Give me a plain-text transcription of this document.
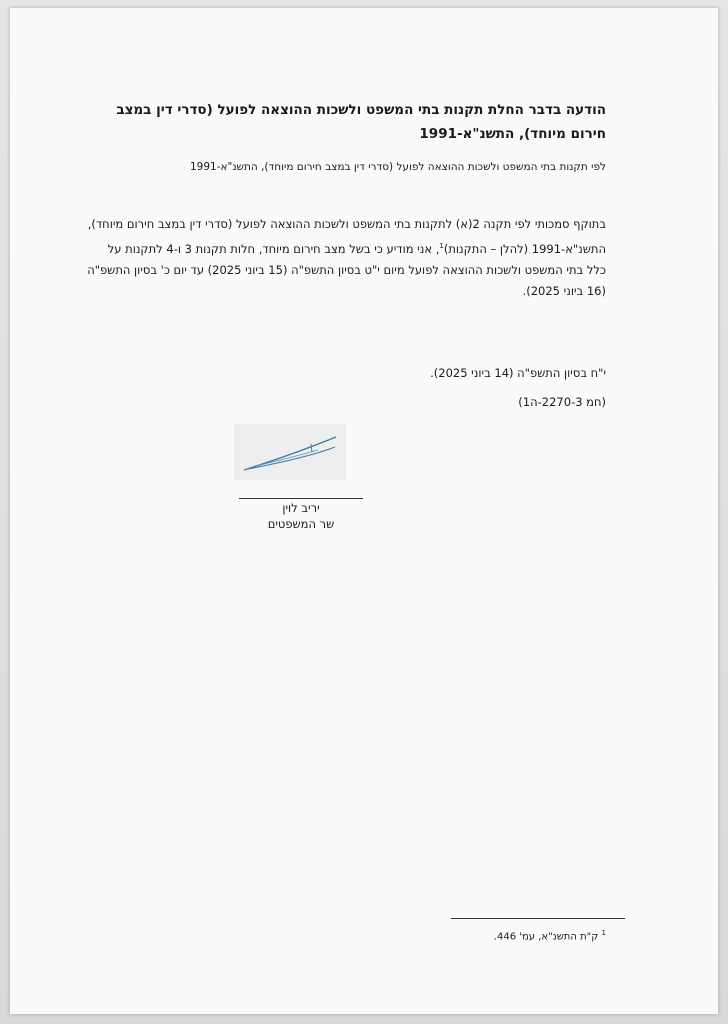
הודעה בדבר החלת תקנות בתי המשפט ולשכות ההוצאה לפועל (סדרי דין במצב
חירום מיוחד), התשנ"א-1991
לפי תקנות בתי המשפט ולשכות ההוצאה לפועל (סדרי דין במצב חירום מיוחד), התשנ"א-1991
בתוקף סמכותי לפי תקנה 2(א) לתקנות בתי המשפט ולשכות ההוצאה לפועל (סדרי דין במצב חירום מיוחד), התשנ"א-1991 (להלן – התקנות)$^1$, אני מודיע כי בשל מצב חירום מיוחד, חלות תקנות 3 ו-4 לתקנות על כלל בתי המשפט ולשכות ההוצאה לפועל מיום י"ט בסיון התשפ"ה (15 ביוני 2025) עד יום כ' בסיון התשפ"ה (16 ביוני 2025).
י"ח בסיון התשפ"ה (14 ביוני 2025).
(חמ 2270-3-ה1)
יריב לוין
שר המשפטים
$^1$ ק"ת התשנ"א, עמ' 446.
